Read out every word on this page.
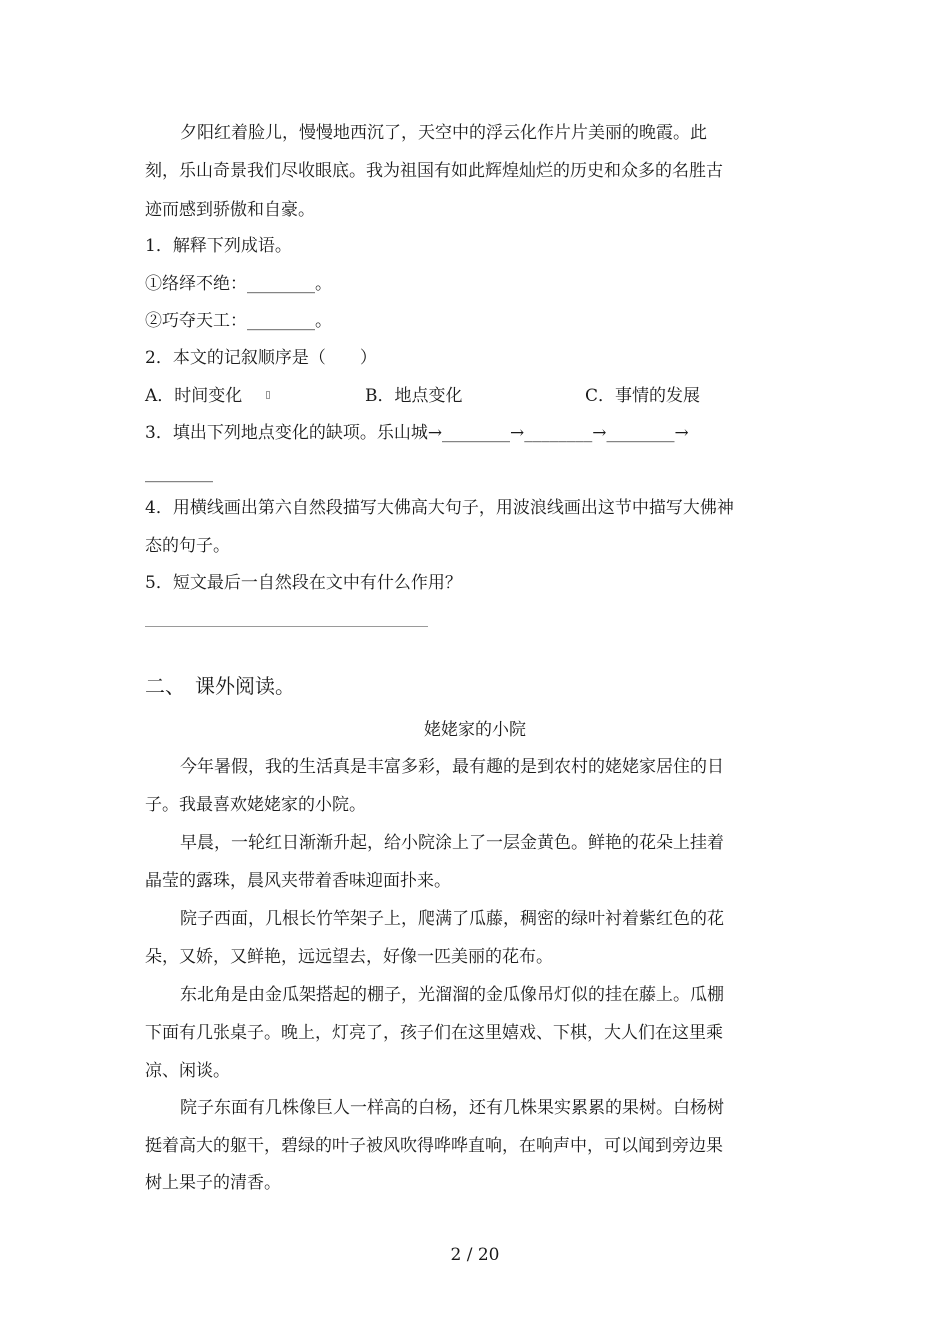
夕阳红着脸儿，慢慢地西沉了，天空中的浮云化作片片美丽的晚霞。此

刻，乐山奇景我们尽收眼底。我为祖国有如此辉煌灿烂的历史和众多的名胜古

迹而感到骄傲和自豪。

1．解释下列成语。

①络绎不绝：________。

②巧夺天工：________。

2．本文的记叙顺序是（　　）

A．时间变化	B．地点变化	C．事情的发展

3．填出下列地点变化的缺项。乐山城→________→________→________→

________

4．用横线画出第六自然段描写大佛高大句子，用波浪线画出这节中描写大佛神

态的句子。

5．短文最后一自然段在文中有什么作用？

二、　课外阅读。
姥姥家的小院

今年暑假，我的生活真是丰富多彩，最有趣的是到农村的姥姥家居住的日

子。我最喜欢姥姥家的小院。

早晨，一轮红日渐渐升起，给小院涂上了一层金黄色。鲜艳的花朵上挂着

晶莹的露珠，晨风夹带着香味迎面扑来。

院子西面，几根长竹竿架子上，爬满了瓜藤，稠密的绿叶衬着紫红色的花

朵，又娇，又鲜艳，远远望去，好像一匹美丽的花布。

东北角是由金瓜架搭起的棚子，光溜溜的金瓜像吊灯似的挂在藤上。瓜棚

下面有几张桌子。晚上，灯亮了，孩子们在这里嬉戏、下棋，大人们在这里乘

凉、闲谈。

院子东面有几株像巨人一样高的白杨，还有几株果实累累的果树。白杨树

挺着高大的躯干，碧绿的叶子被风吹得哗哗直响，在响声中，可以闻到旁边果

树上果子的清香。

2 / 20
